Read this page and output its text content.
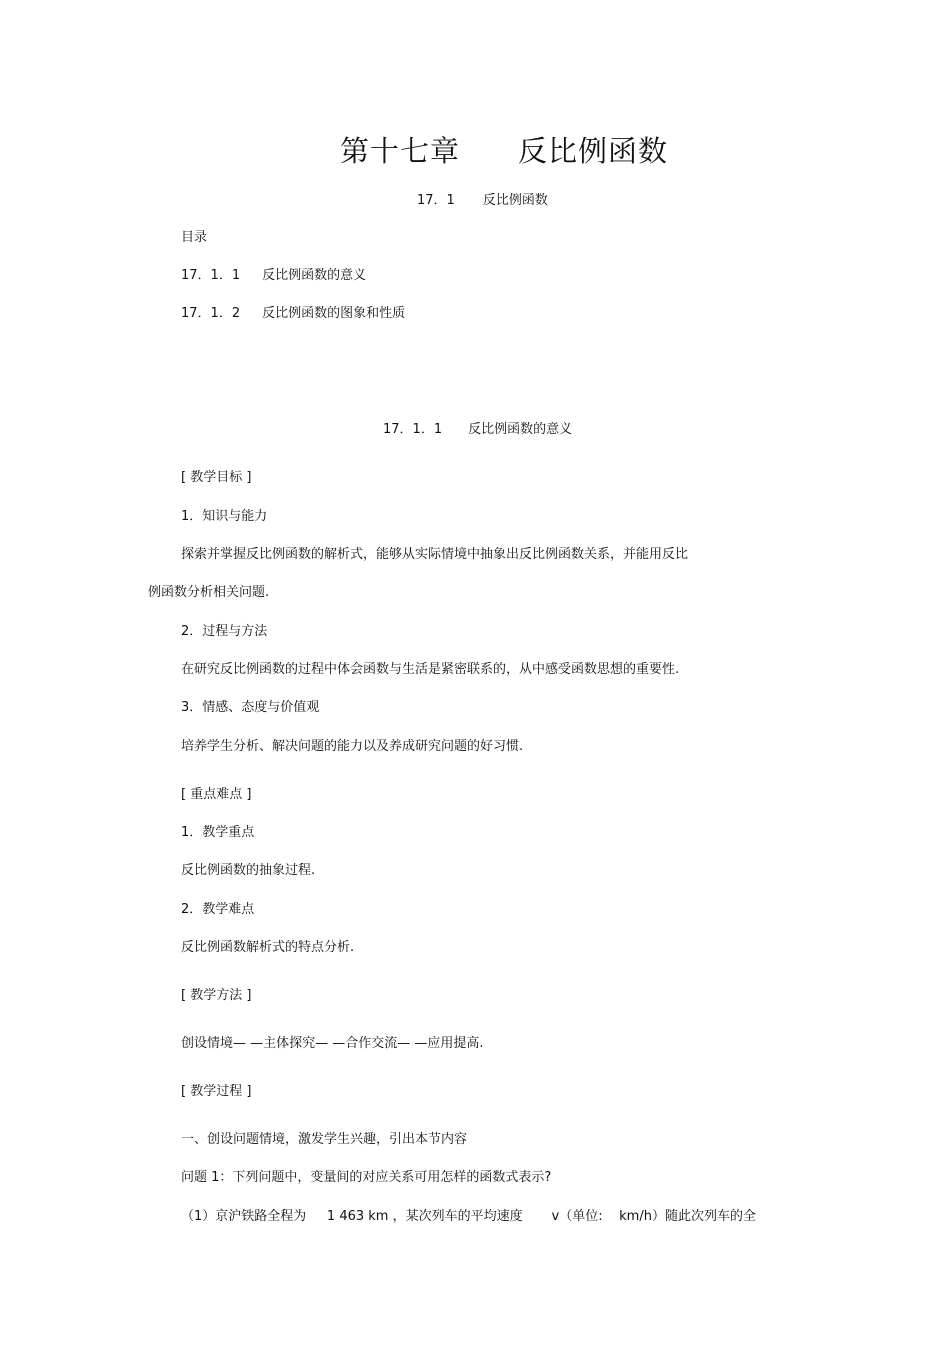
第十七章 反比例函数
17．1 反比例函数
目录
17．1．1 反比例函数的意义
17．1．2 反比例函数的图象和性质
17．1．1 反比例函数的意义
[ 教学目标 ]
1．知识与能力
探索并掌握反比例函数的解析式，能够从实际情境中抽象出反比例函数关系，并能用反比
例函数分析相关问题.
2．过程与方法
在研究反比例函数的过程中体会函数与生活是紧密联系的，从中感受函数思想的重要性.
3．情感、态度与价值观
培养学生分析、解决问题的能力以及养成研究问题的好习惯.
[ 重点难点 ]
1．教学重点
反比例函数的抽象过程.
2．教学难点
反比例函数解析式的特点分析.
[ 教学方法 ]
创设情境— —主体探究— —合作交流— —应用提高.
[ 教学过程 ]
一、创设问题情境，激发学生兴趣，引出本节内容
问题 1：下列问题中，变量间的对应关系可用怎样的函数式表示?
（1）京沪铁路全程为     1 463 km ，某次列车的平均速度       v（单位:    km/h）随此次列车的全
